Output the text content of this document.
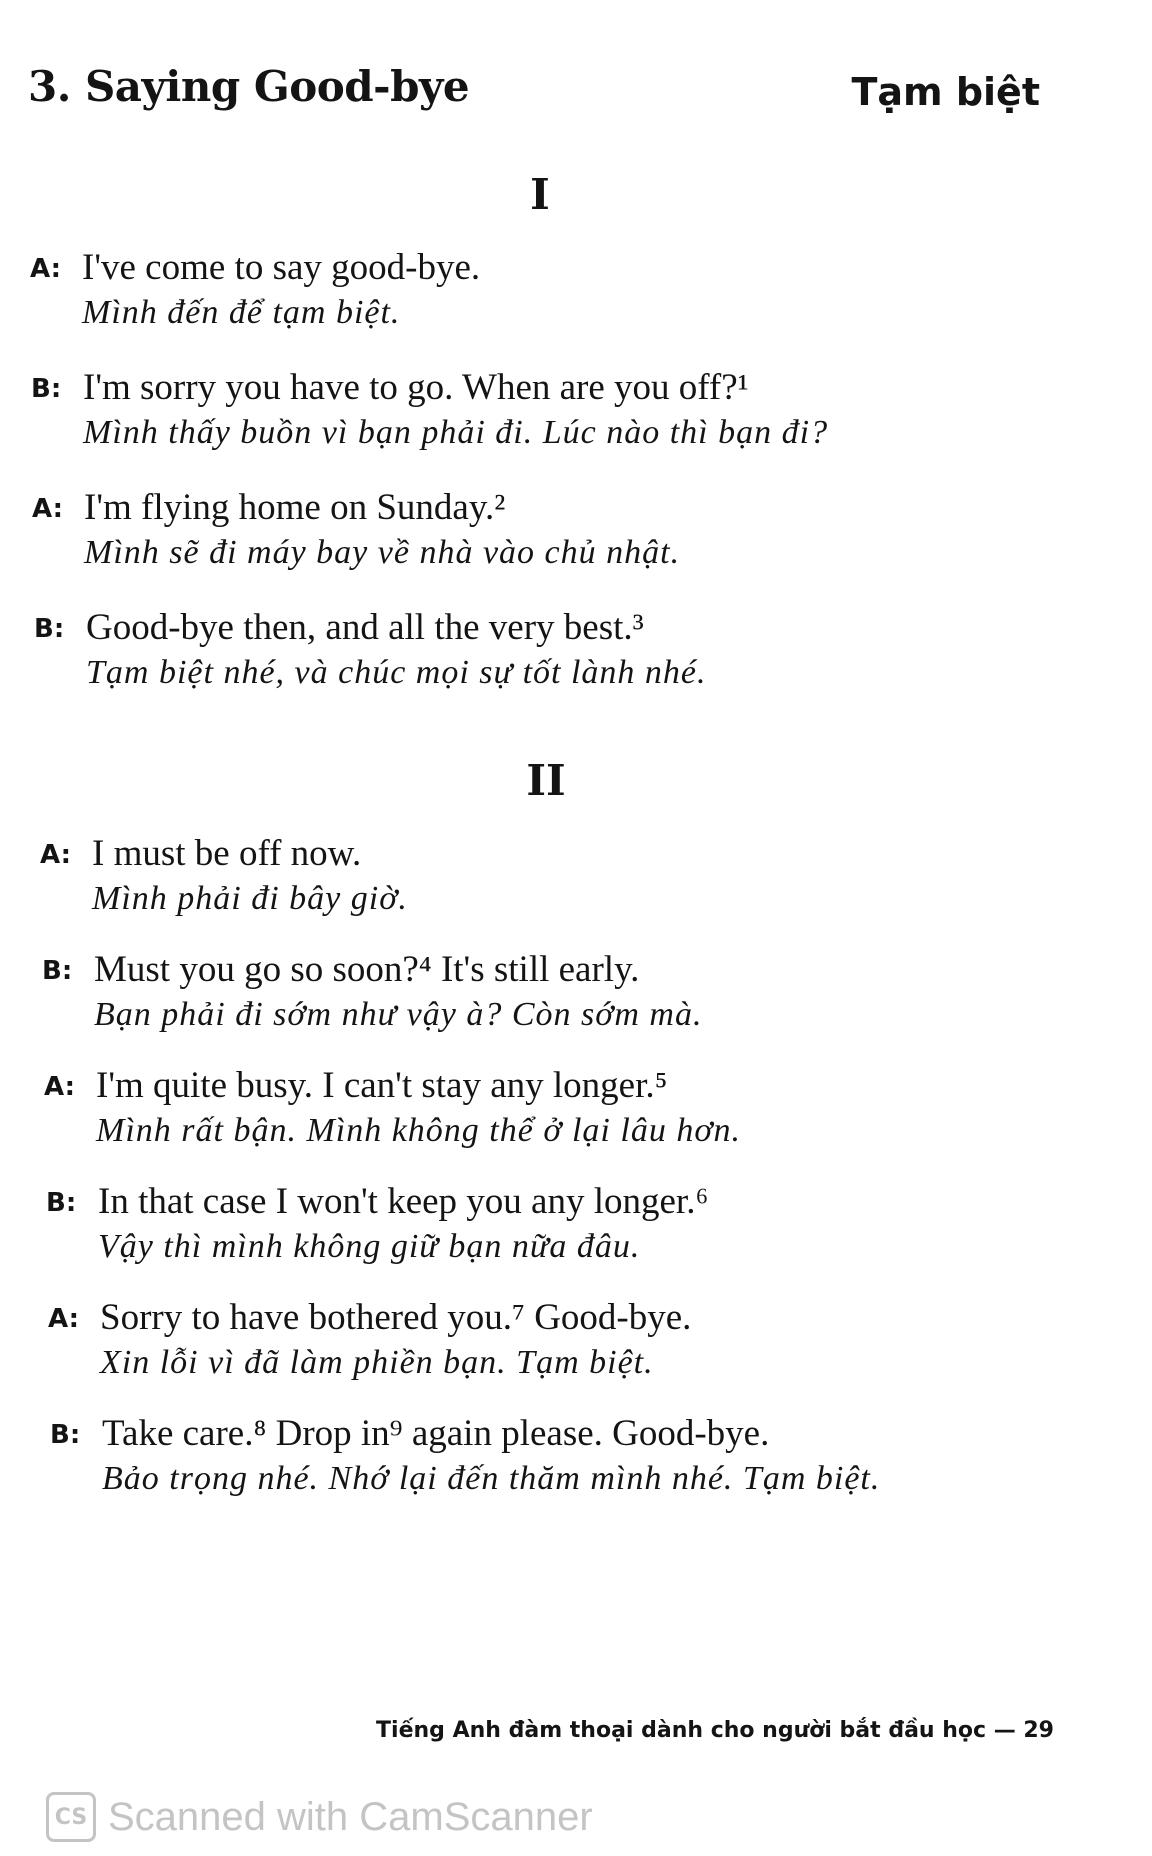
3. Saying Good-bye	Tạm biệt
I
A: I've come to say good-bye.
Mình đến để tạm biệt.
B: I'm sorry you have to go. When are you off?¹
Mình thấy buồn vì bạn phải đi. Lúc nào thì bạn đi?
A: I'm flying home on Sunday.²
Mình sẽ đi máy bay về nhà vào chủ nhật.
B: Good-bye then, and all the very best.³
Tạm biệt nhé, và chúc mọi sự tốt lành nhé.
II
A: I must be off now.
Mình phải đi bây giờ.
B: Must you go so soon?⁴ It's still early.
Bạn phải đi sớm như vậy à? Còn sớm mà.
A: I'm quite busy. I can't stay any longer.⁵
Mình rất bận. Mình không thể ở lại lâu hơn.
B: In that case I won't keep you any longer.⁶
Vậy thì mình không giữ bạn nữa đâu.
A: Sorry to have bothered you.⁷ Good-bye.
Xin lỗi vì đã làm phiền bạn. Tạm biệt.
B: Take care.⁸ Drop in⁹ again please. Good-bye.
Bảo trọng nhé. Nhớ lại đến thăm mình nhé. Tạm biệt.
Tiếng Anh đàm thoại dành cho người bắt đầu học — 29
CS Scanned with CamScanner
